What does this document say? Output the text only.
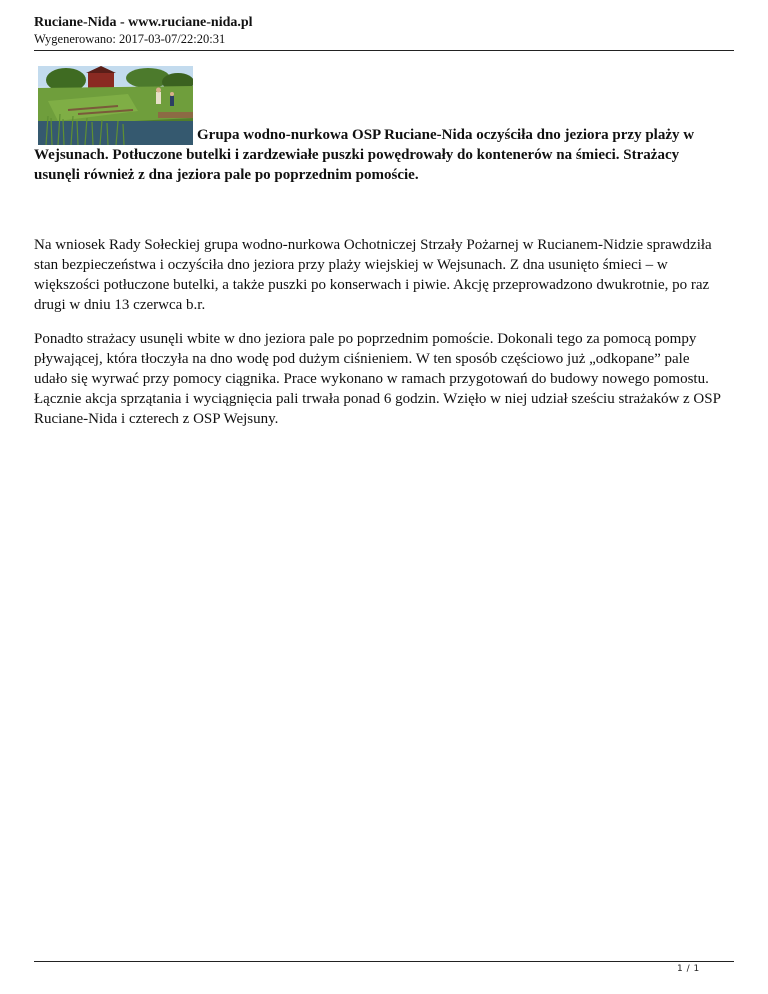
Ruciane-Nida - www.ruciane-nida.pl
Wygenerowano: 2017-03-07/22:20:31

Grupa wodno-nurkowa OSP Ruciane-Nida oczyściła dno jeziora przy plaży w Wejsunach. Potłuczone butelki i zardzewiałe puszki powędrowały do kontenerów na śmieci. Strażacy usunęli również z dna jeziora pale po poprzednim pomoście.

Na wniosek Rady Sołeckiej grupa wodno-nurkowa Ochotniczej Strzały Pożarnej w Rucianem-Nidzie sprawdziła stan bezpieczeństwa i oczyściła dno jeziora przy plaży wiejskiej w Wejsunach. Z dna usunięto śmieci – w większości potłuczone butelki, a także puszki po konserwach i piwie. Akcję przeprowadzono dwukrotnie, po raz drugi w dniu 13 czerwca b.r.

Ponadto strażacy usunęli wbite w dno jeziora pale po poprzednim pomoście. Dokonali tego za pomocą pompy pływającej, która tłoczyła na dno wodę pod dużym ciśnieniem. W ten sposób częściowo już „odkopane” pale udało się wyrwać przy pomocy ciągnika. Prace wykonano w ramach przygotowań do budowy nowego pomostu. Łącznie akcja sprzątania i wyciągnięcia pali trwała ponad 6 godzin. Wzięło w niej udział sześciu strażaków z OSP Ruciane-Nida i czterech z OSP Wejsuny.

1 / 1
